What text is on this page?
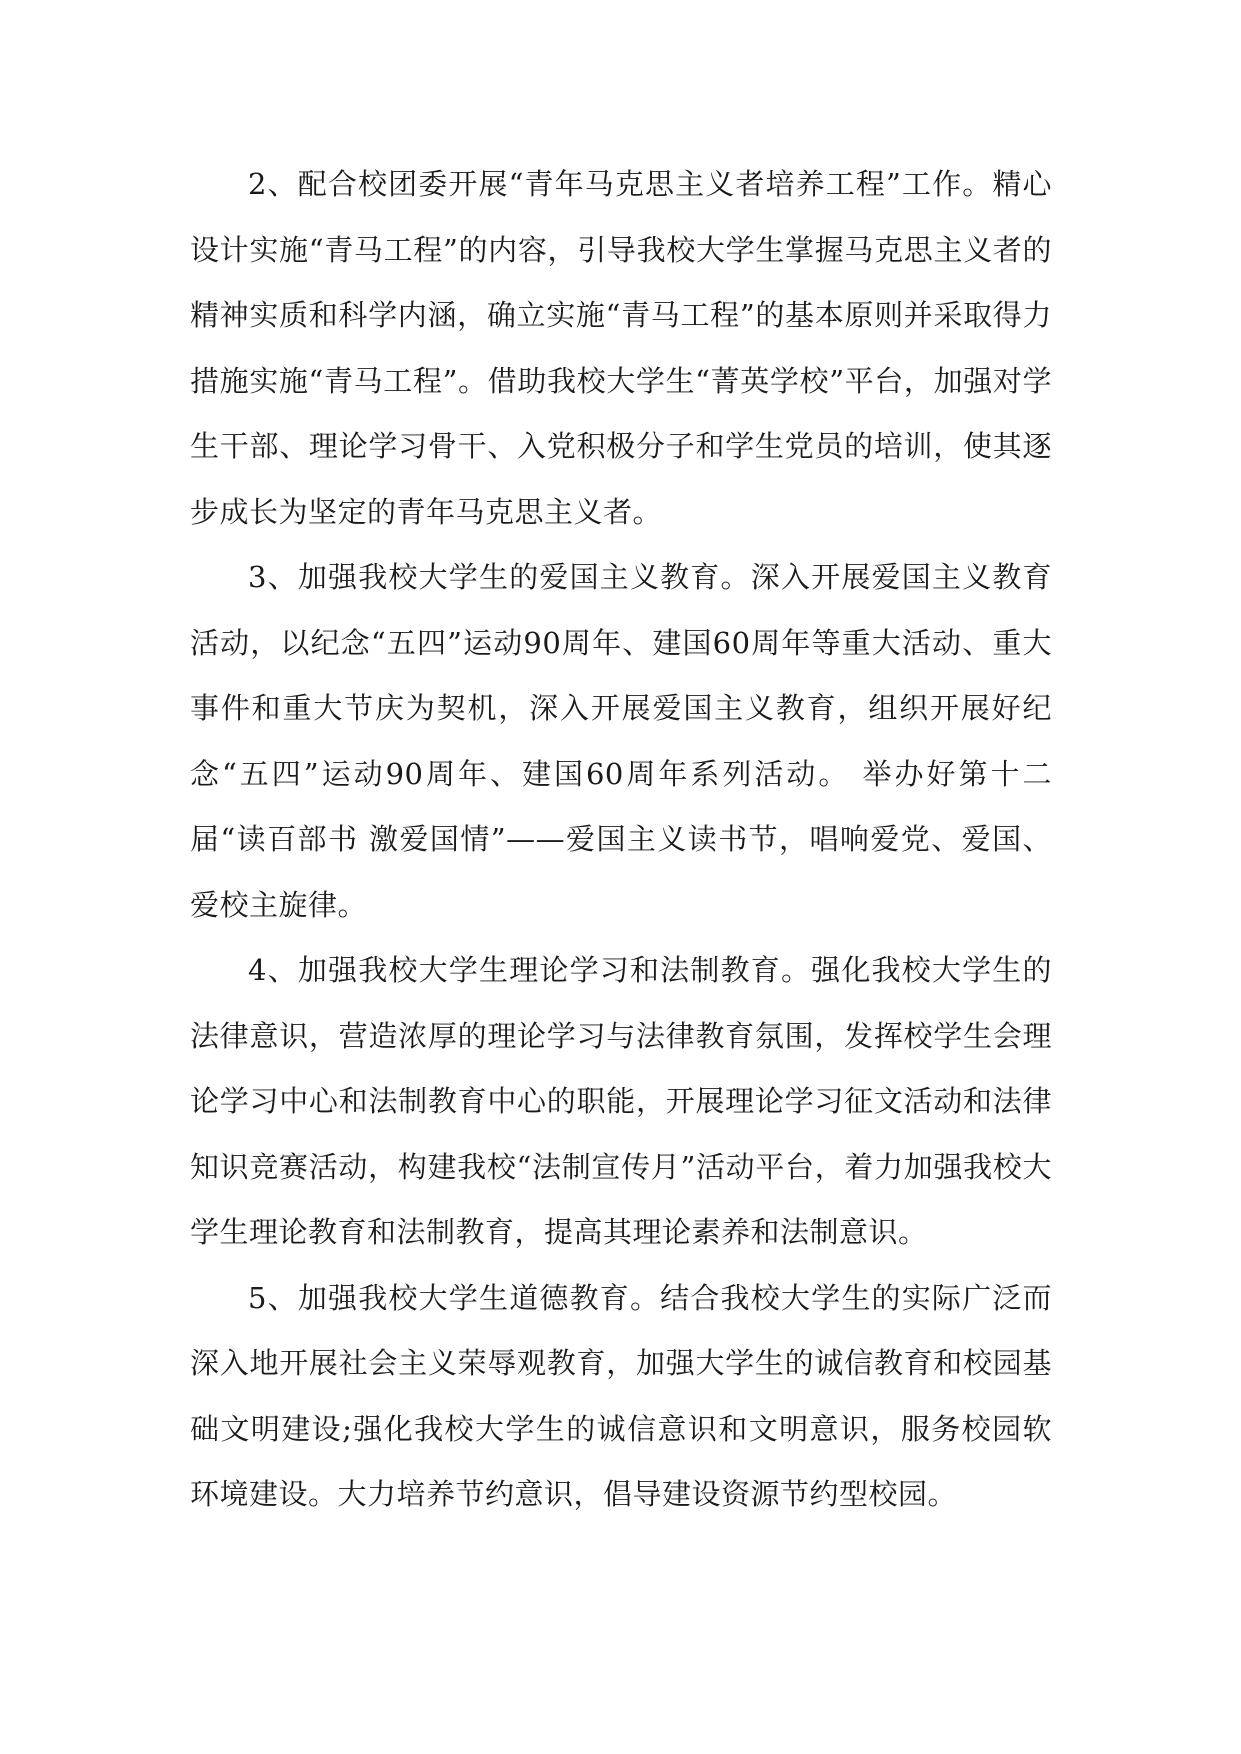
2、配合校团委开展“青年马克思主义者培养工程”工作。精心设计实施“青马工程”的内容，引导我校大学生掌握马克思主义者的精神实质和科学内涵，确立实施“青马工程”的基本原则并采取得力措施实施“青马工程”。借助我校大学生“菁英学校”平台，加强对学生干部、理论学习骨干、入党积极分子和学生党员的培训，使其逐步成长为坚定的青年马克思主义者。

3、加强我校大学生的爱国主义教育。深入开展爱国主义教育活动，以纪念“五四”运动90周年、建国60周年等重大活动、重大事件和重大节庆为契机，深入开展爱国主义教育，组织开展好纪念“五四”运动90周年、建国60周年系列活动。 举办好第十二届“读百部书 激爱国情”——爱国主义读书节，唱响爱党、爱国、爱校主旋律。

4、加强我校大学生理论学习和法制教育。强化我校大学生的法律意识，营造浓厚的理论学习与法律教育氛围，发挥校学生会理论学习中心和法制教育中心的职能，开展理论学习征文活动和法律知识竞赛活动，构建我校“法制宣传月”活动平台，着力加强我校大学生理论教育和法制教育，提高其理论素养和法制意识。

5、加强我校大学生道德教育。结合我校大学生的实际广泛而深入地开展社会主义荣辱观教育，加强大学生的诚信教育和校园基础文明建设;强化我校大学生的诚信意识和文明意识，服务校园软环境建设。大力培养节约意识，倡导建设资源节约型校园。
